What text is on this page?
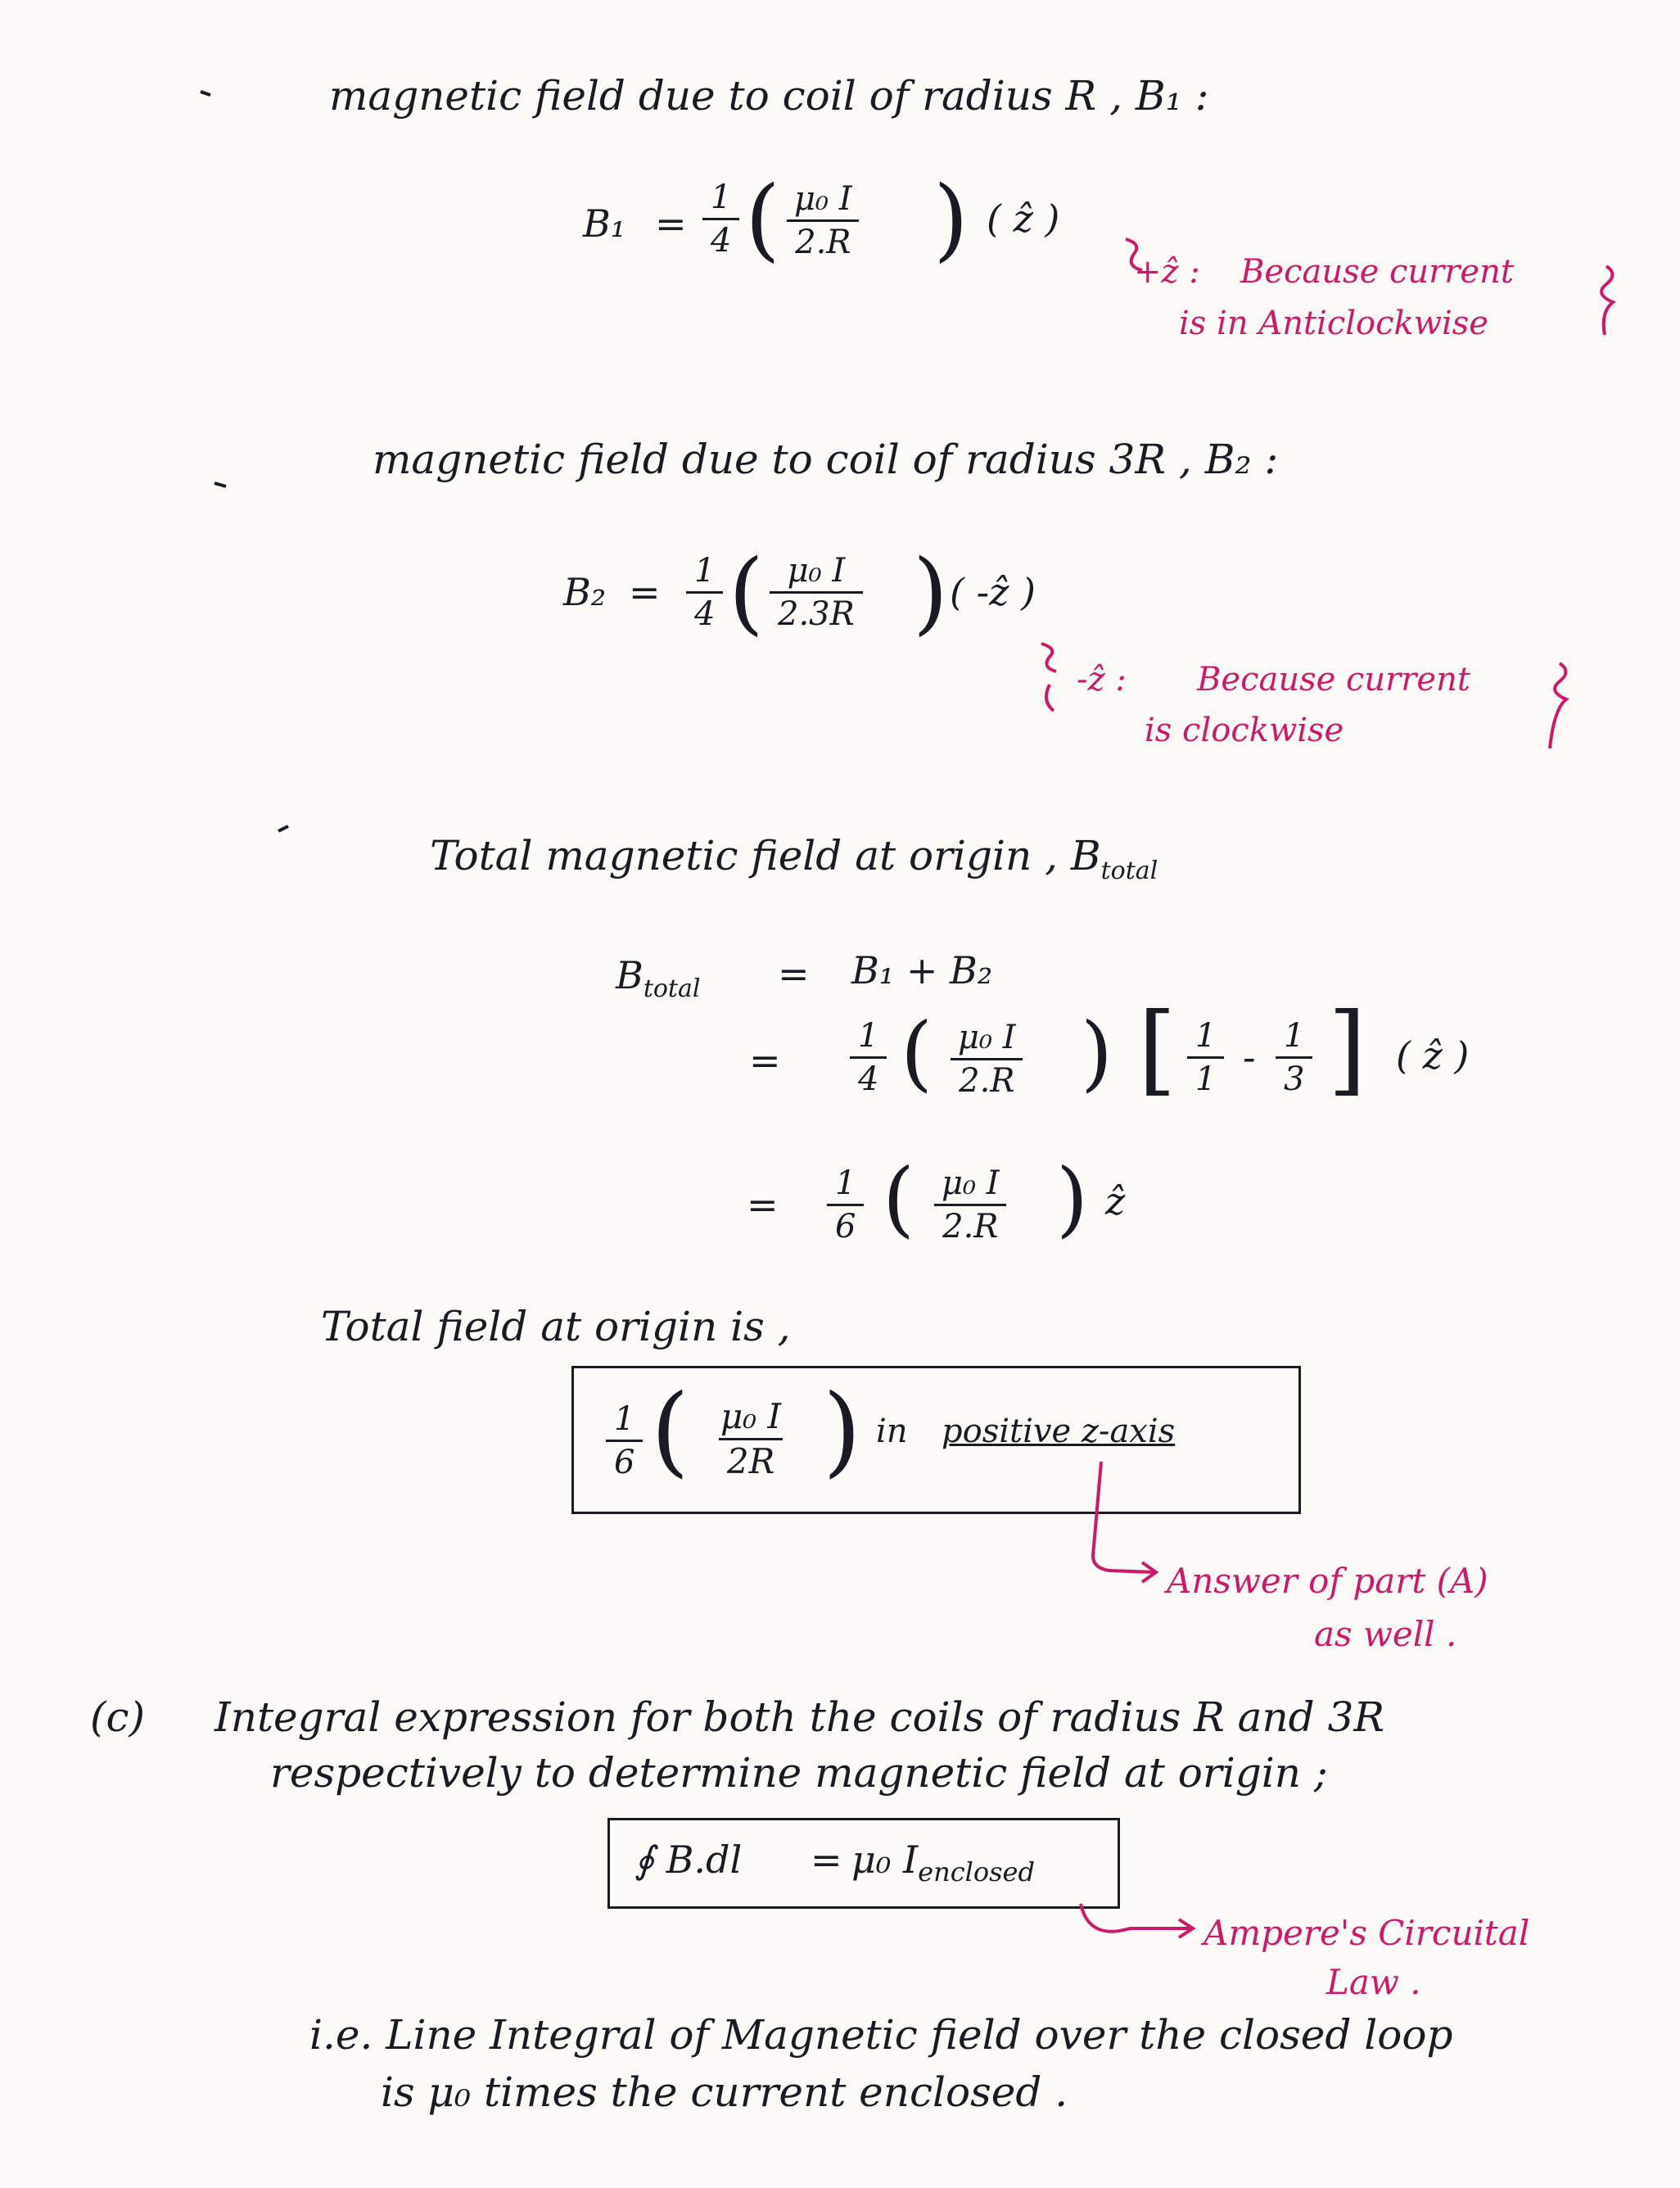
magnetic field due to coil of radius R , B₁ :
$B_1 = \frac{1}{4}$ ( $\frac{\text{μ₀ I}}{2.R}$ ) ( ẑ )
+ẑ : Because current
is in Anticlockwise
magnetic field due to coil of radius 3R , B₂ :
$B_2 = \frac{1}{4}$ ( $\frac{\text{μ₀ I}}{2.3R}$ ) ( -ẑ )
-ẑ : Because current
is clockwise
Total magnetic field at origin , $B_{total}$
$B_{total} = B_1 + B_2$
= $\frac{1}{4}$ ( $\frac{\text{μ₀ I}}{2.R}$ ) [ $\frac{1}{1} - \frac{1}{3}$ ] ( ẑ )
= $\frac{1}{6}$ ( $\frac{\text{μ₀ I}}{2.R}$ ) ẑ
Total field at origin is ,
$\frac{1}{6}$ ( $\frac{\text{μ₀ I}}{2R}$ ) in positive z-axis
Answer of part (A)
as well .
(c) Integral expression for both the coils of radius R and 3R
respectively to determine magnetic field at origin ;
∮ B.dl = μ₀ $I_{enclosed}$
Ampere's Circuital
Law .
i.e. Line Integral of Magnetic field over the closed loop
is μ₀ times the current enclosed .
